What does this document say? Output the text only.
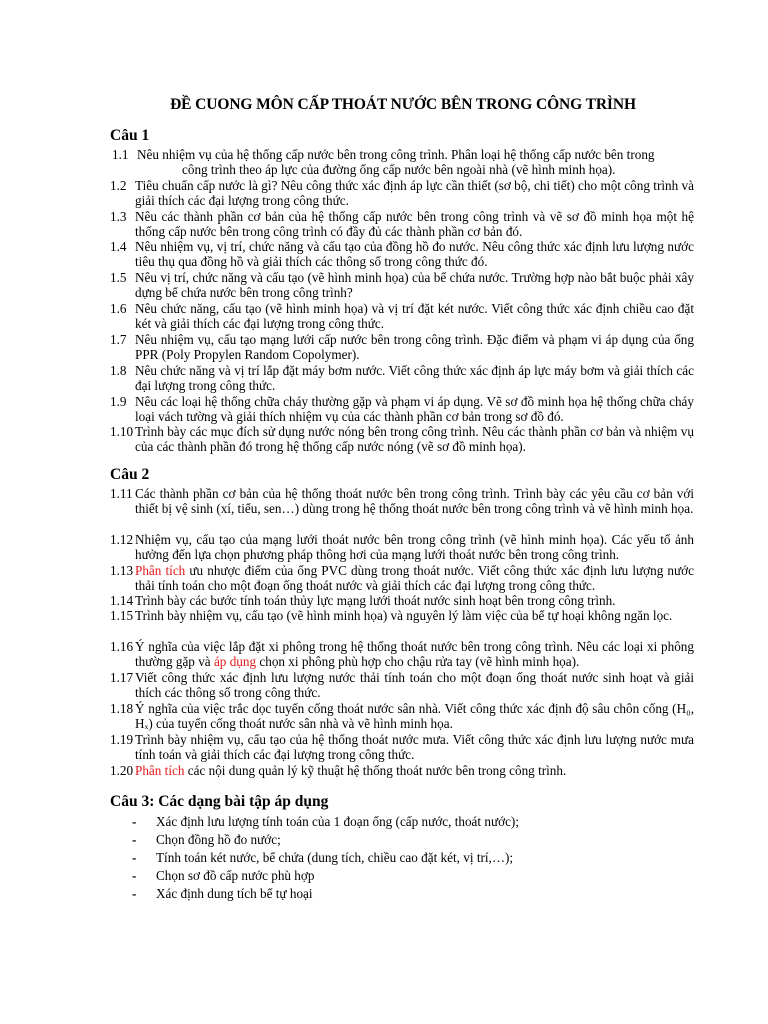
ĐỀ CUONG MÔN CẤP THOÁT NƯỚC BÊN TRONG CÔNG TRÌNH
Câu 1
1.1 Nêu nhiệm vụ của hệ thống cấp nước bên trong công trình. Phân loại hệ thống cấp nước bên trong
công trình theo áp lực của đường ống cấp nước bên ngoài nhà (vẽ hình minh họa).
1.2 Tiêu chuẩn cấp nước là gì? Nêu công thức xác định áp lực cần thiết (sơ bộ, chi tiết) cho một công trình và giải thích các đại lượng trong công thức.
1.3 Nêu các thành phần cơ bản của hệ thống cấp nước bên trong công trình và vẽ sơ đồ minh họa một hệ thống cấp nước bên trong công trình có đầy đủ các thành phần cơ bản đó.
1.4 Nêu nhiệm vụ, vị trí, chức năng và cấu tạo của đồng hồ đo nước. Nêu công thức xác định lưu lượng nước tiêu thụ qua đồng hồ và giải thích các thông số trong công thức đó.
1.5 Nêu vị trí, chức năng và cấu tạo (vẽ hình minh họa) của bể chứa nước. Trường hợp nào bắt buộc phải xây dựng bể chứa nước bên trong công trình?
1.6 Nêu chức năng, cấu tạo (vẽ hình minh họa) và vị trí đặt két nước. Viết công thức xác định chiều cao đặt két và giải thích các đại lượng trong công thức.
1.7 Nêu nhiệm vụ, cấu tạo mạng lưới cấp nước bên trong công trình. Đặc điểm và phạm vi áp dụng của ống PPR (Poly Propylen Random Copolymer).
1.8 Nêu chức năng và vị trí lắp đặt máy bơm nước. Viết công thức xác định áp lực máy bơm và giải thích các đại lượng trong công thức.
1.9 Nêu các loại hệ thống chữa cháy thường gặp và phạm vi áp dụng. Vẽ sơ đồ minh họa hệ thống chữa cháy loại vách tường và giải thích nhiệm vụ của các thành phần cơ bản trong sơ đồ đó.
1.10 Trình bày các mục đích sử dụng nước nóng bên trong công trình. Nêu các thành phần cơ bản và nhiệm vụ của các thành phần đó trong hệ thống cấp nước nóng (vẽ sơ đồ minh họa).
Câu 2
1.11 Các thành phần cơ bản của hệ thống thoát nước bên trong công trình. Trình bày các yêu cầu cơ bản với thiết bị vệ sinh (xí, tiểu, sen…) dùng trong hệ thống thoát nước bên trong công trình và vẽ hình minh họa.
1.12 Nhiệm vụ, cấu tạo của mạng lưới thoát nước bên trong công trình (vẽ hình minh họa). Các yếu tố ảnh hưởng đến lựa chọn phương pháp thông hơi của mạng lưới thoát nước bên trong công trình.
1.13 Phân tích ưu nhược điểm của ống PVC dùng trong thoát nước. Viết công thức xác định lưu lượng nước thải tính toán cho một đoạn ống thoát nước và giải thích các đại lượng trong công thức.
1.14 Trình bày các bước tính toán thủy lực mạng lưới thoát nước sinh hoạt bên trong công trình.
1.15 Trình bày nhiệm vụ, cấu tạo (vẽ hình minh họa) và nguyên lý làm việc của bể tự hoại không ngăn lọc.
1.16 Ý nghĩa của việc lắp đặt xi phông trong hệ thống thoát nước bên trong công trình. Nêu các loại xi phông thường gặp và áp dụng chọn xi phông phù hợp cho chậu rửa tay (vẽ hình minh họa).
1.17 Viết công thức xác định lưu lượng nước thải tính toán cho một đoạn ống thoát nước sinh hoạt và giải thích các thông số trong công thức.
1.18 Ý nghĩa của việc trắc dọc tuyến cống thoát nước sân nhà. Viết công thức xác định độ sâu chôn cống (H₀, Hₓ) của tuyến cống thoát nước sân nhà và vẽ hình minh họa.
1.19 Trình bày nhiệm vụ, cấu tạo của hệ thống thoát nước mưa. Viết công thức xác định lưu lượng nước mưa tính toán và giải thích các đại lượng trong công thức.
1.20 Phân tích các nội dung quản lý kỹ thuật hệ thống thoát nước bên trong công trình.
Câu 3: Các dạng bài tập áp dụng
- Xác định lưu lượng tính toán của 1 đoạn ống (cấp nước, thoát nước);
- Chọn đồng hồ đo nước;
- Tính toán két nước, bể chứa (dung tích, chiều cao đặt két, vị trí,…);
- Chọn sơ đồ cấp nước phù hợp
- Xác định dung tích bể tự hoại
